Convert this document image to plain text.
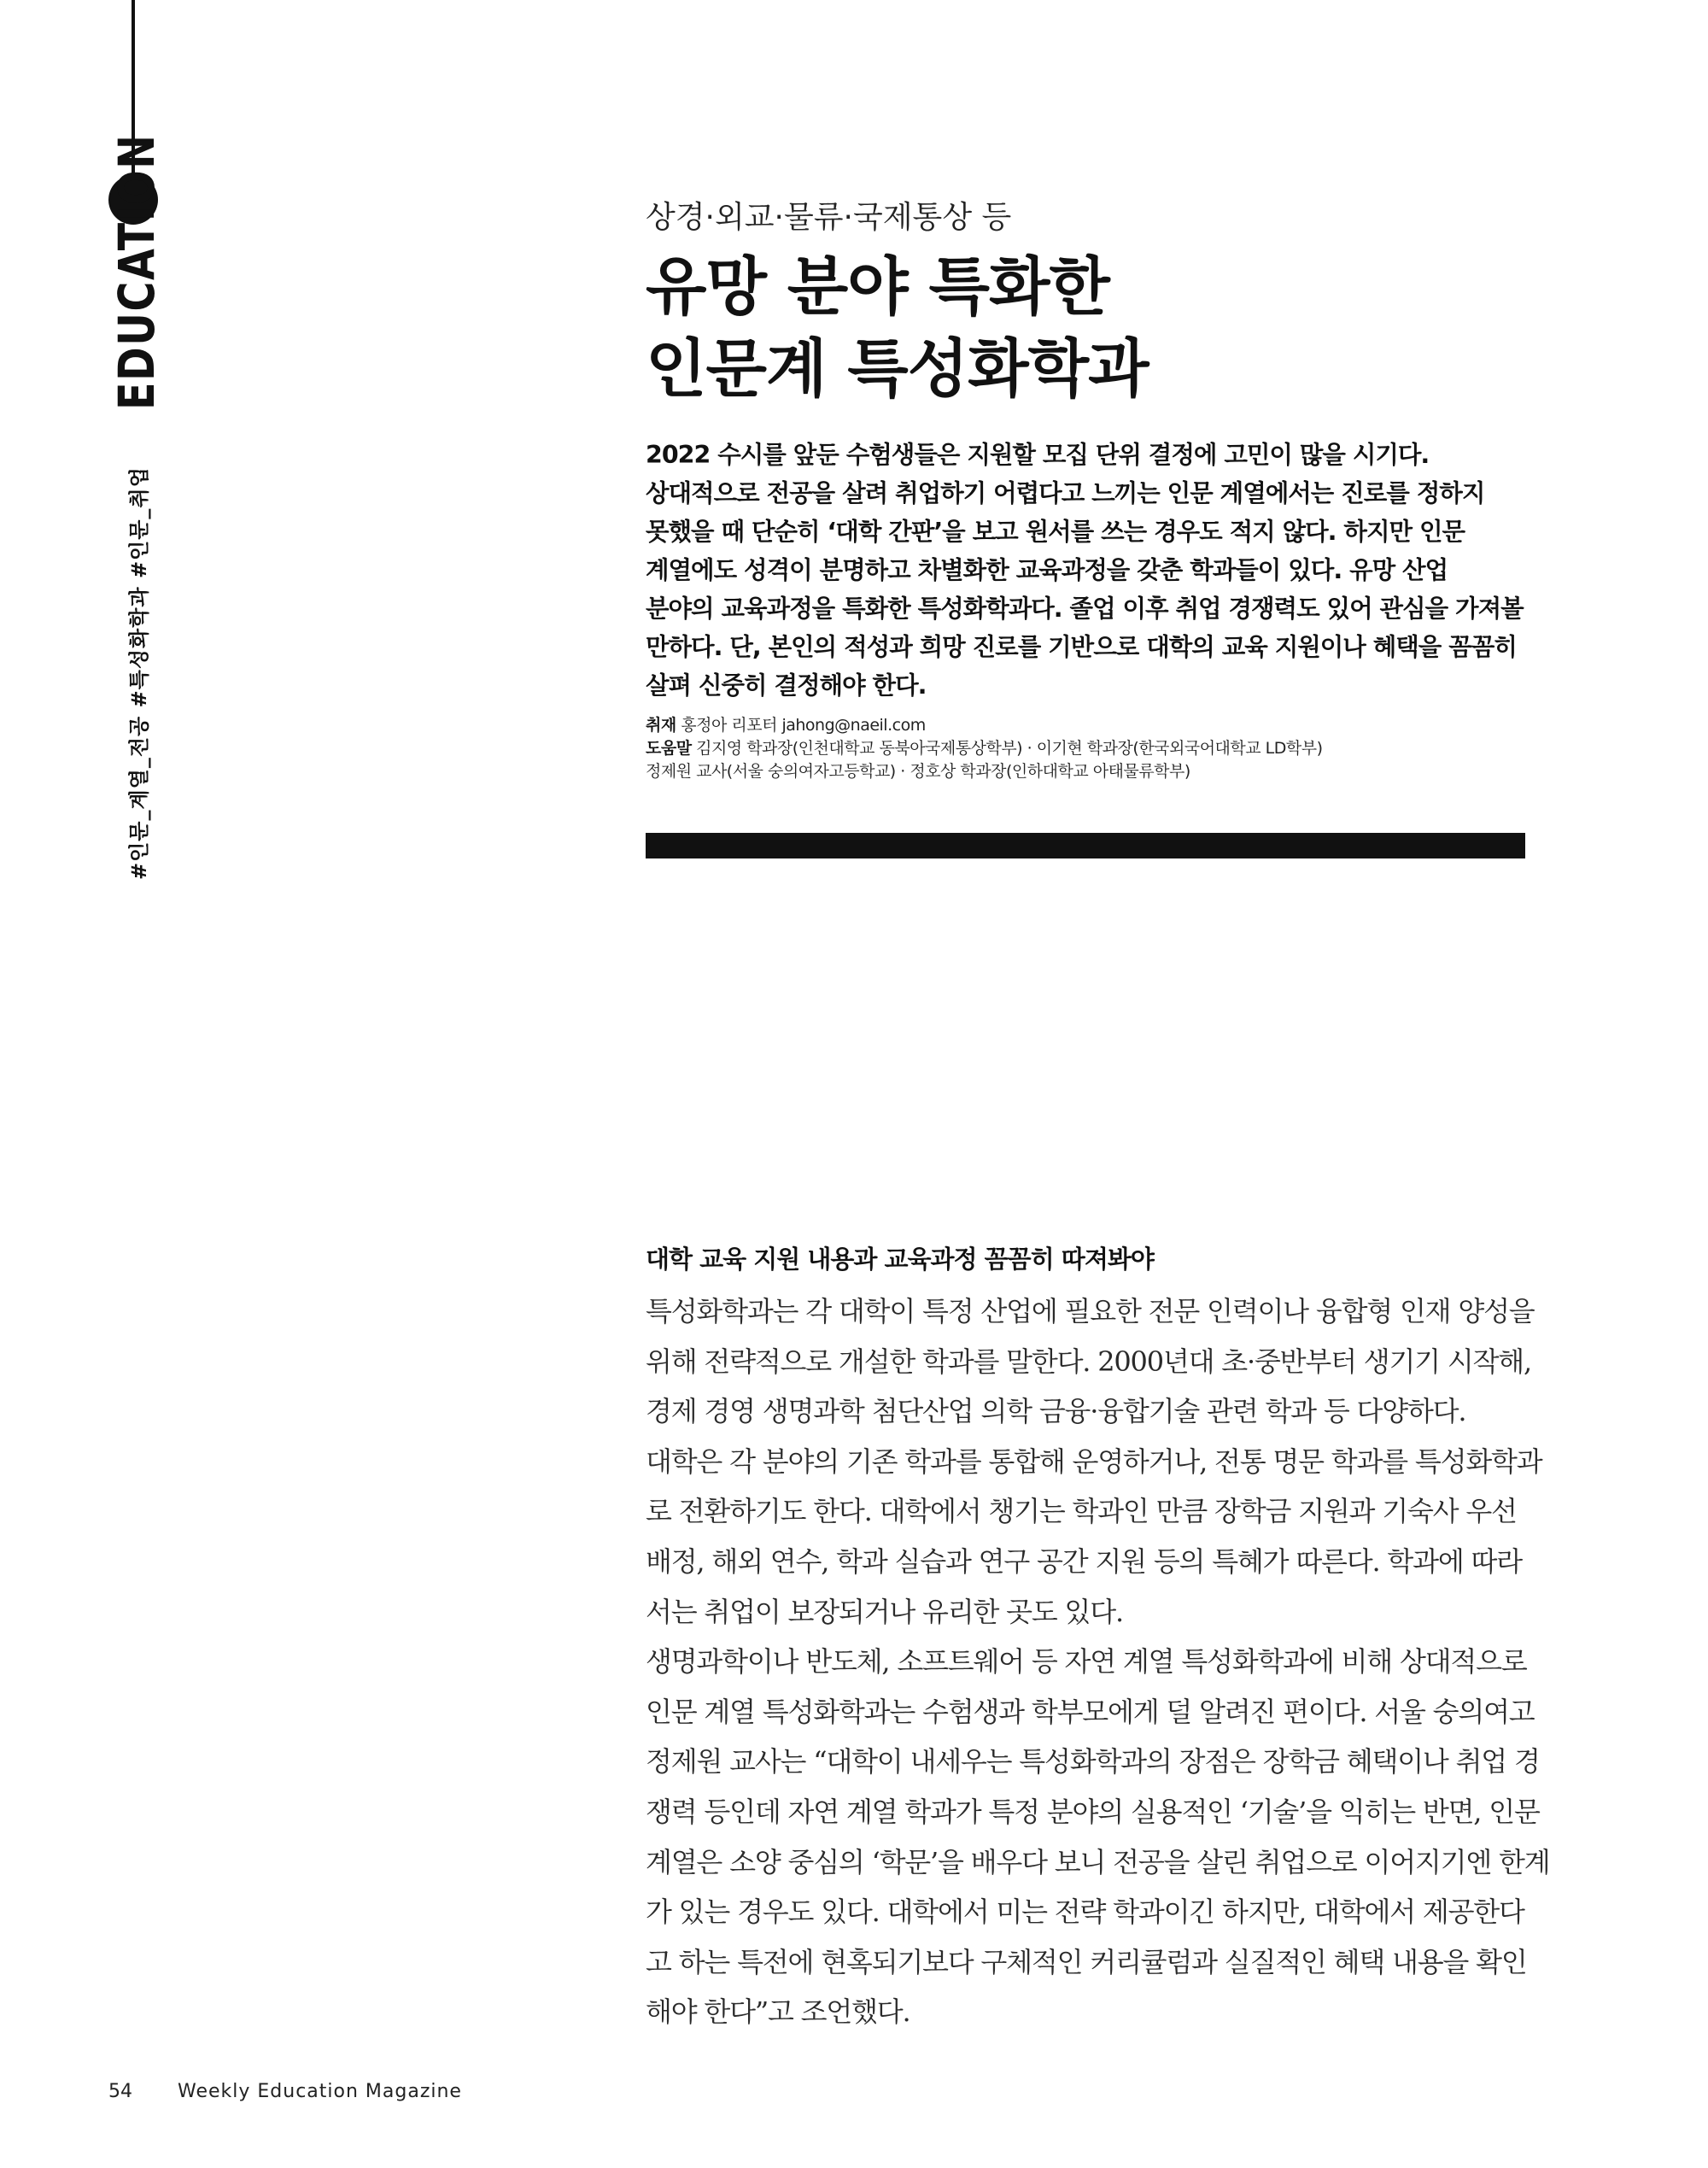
#인문_계열_전공 #특성화학과 #인문_취업
EDUCATION	상경·외교·물류·국제통상 등
유망 분야 특화한
인문계 특성화학과
2022 수시를 앞둔 수험생들은 지원할 모집 단위 결정에 고민이 많을 시기다.
상대적으로 전공을 살려 취업하기 어렵다고 느끼는 인문 계열에서는 진로를 정하지
못했을 때 단순히 ‘대학 간판’을 보고 원서를 쓰는 경우도 적지 않다. 하지만 인문
계열에도 성격이 분명하고 차별화한 교육과정을 갖춘 학과들이 있다. 유망 산업
분야의 교육과정을 특화한 특성화학과다. 졸업 이후 취업 경쟁력도 있어 관심을 가져볼
만하다. 단, 본인의 적성과 희망 진로를 기반으로 대학의 교육 지원이나 혜택을 꼼꼼히
살펴 신중히 결정해야 한다.
취재 홍정아 리포터 jahong@naeil.com
도움말 김지영 학과장(인천대학교 동북아국제통상학부) · 이기현 학과장(한국외국어대학교 LD학부)
정제원 교사(서울 숭의여자고등학교) · 정호상 학과장(인하대학교 아태물류학부)
대학 교육 지원 내용과 교육과정 꼼꼼히 따져봐야
특성화학과는 각 대학이 특정 산업에 필요한 전문 인력이나 융합형 인재 양성을
위해 전략적으로 개설한 학과를 말한다. 2000년대 초·중반부터 생기기 시작해,
경제 경영 생명과학 첨단산업 의학 금융·융합기술 관련 학과 등 다양하다.
대학은 각 분야의 기존 학과를 통합해 운영하거나, 전통 명문 학과를 특성화학과
로 전환하기도 한다. 대학에서 챙기는 학과인 만큼 장학금 지원과 기숙사 우선
배정, 해외 연수, 학과 실습과 연구 공간 지원 등의 특혜가 따른다. 학과에 따라
서는 취업이 보장되거나 유리한 곳도 있다.
생명과학이나 반도체, 소프트웨어 등 자연 계열 특성화학과에 비해 상대적으로
인문 계열 특성화학과는 수험생과 학부모에게 덜 알려진 편이다. 서울 숭의여고
정제원 교사는 “대학이 내세우는 특성화학과의 장점은 장학금 혜택이나 취업 경
쟁력 등인데 자연 계열 학과가 특정 분야의 실용적인 ‘기술’을 익히는 반면, 인문
계열은 소양 중심의 ‘학문’을 배우다 보니 전공을 살린 취업으로 이어지기엔 한계
가 있는 경우도 있다. 대학에서 미는 전략 학과이긴 하지만, 대학에서 제공한다
고 하는 특전에 현혹되기보다 구체적인 커리큘럼과 실질적인 혜택 내용을 확인
해야 한다”고 조언했다.
54 Weekly Education Magazine
